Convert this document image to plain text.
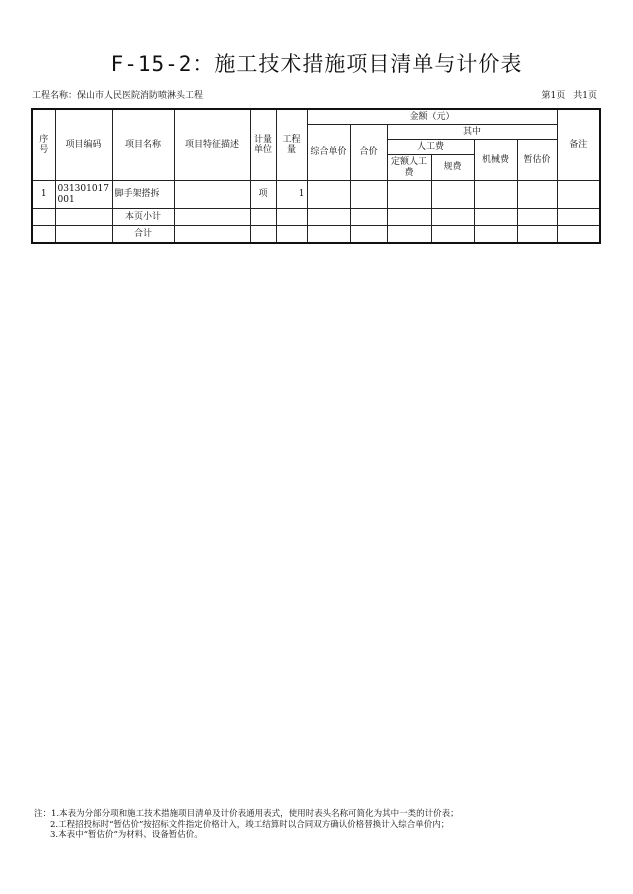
F-15-2：施工技术措施项目清单与计价表
工程名称：保山市人民医院消防喷淋头工程	第1页 共1页
序号	项目编码	项目名称	项目特征描述	计量单位	工程量	金额（元）						备注
						综合单价	合价	其中				
								人工费		机械费	暂估价	
								定额人工费	规费			
1	031301017001	脚手架搭拆		项	1							
		本页小计										
		合计										
注：1.本表为分部分项和施工技术措施项目清单及计价表通用表式，使用时表头名称可简化为其中一类的计价表；
2.工程招投标时“暂估价”按招标文件指定价格计入，竣工结算时以合同双方确认价格替换计入综合单价内；
3.本表中“暂估价”为材料、设备暂估价。
